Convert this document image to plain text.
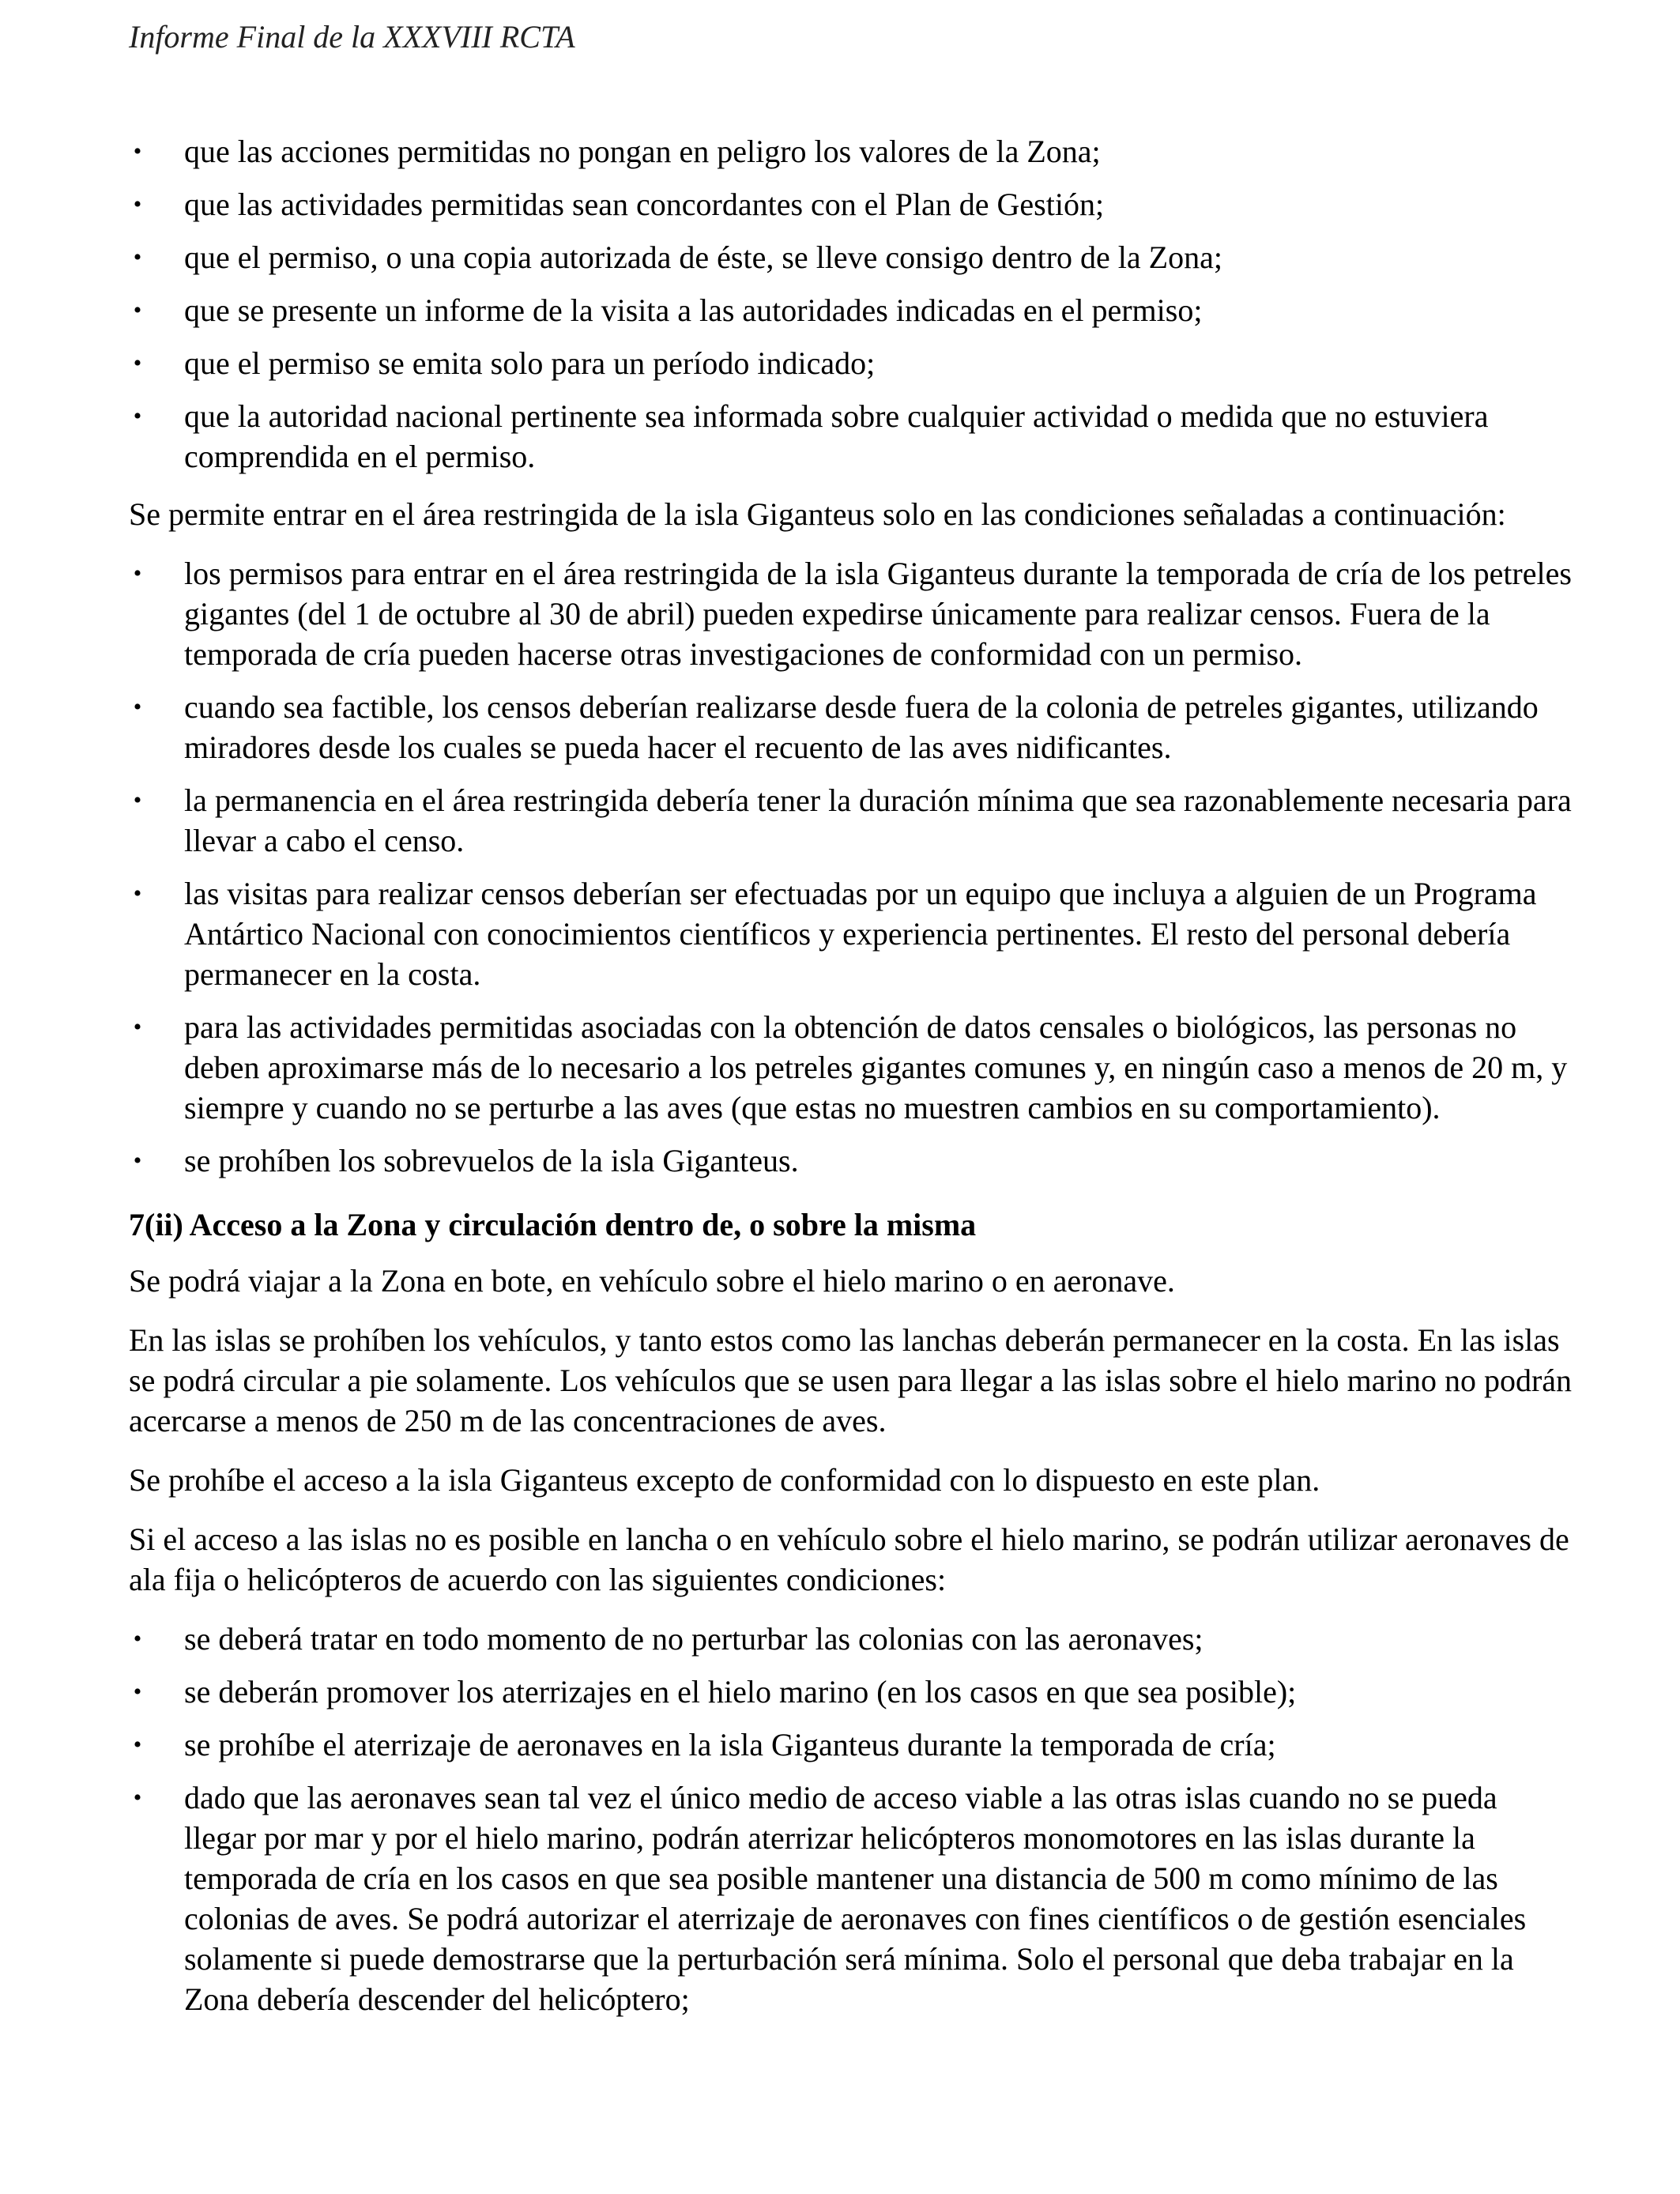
Informe Final de la XXXVIII RCTA
• que las acciones permitidas no pongan en peligro los valores de la Zona;
• que las actividades permitidas sean concordantes con el Plan de Gestión;
• que el permiso, o una copia autorizada de éste, se lleve consigo dentro de la Zona;
• que se presente un informe de la visita a las autoridades indicadas en el permiso;
• que el permiso se emita solo para un período indicado;
• que la autoridad nacional pertinente sea informada sobre cualquier actividad o medida que no estuviera comprendida en el permiso.

Se permite entrar en el área restringida de la isla Giganteus solo en las condiciones señaladas a continuación:

• los permisos para entrar en el área restringida de la isla Giganteus durante la temporada de cría de los petreles gigantes (del 1 de octubre al 30 de abril) pueden expedirse únicamente para realizar censos. Fuera de la temporada de cría pueden hacerse otras investigaciones de conformidad con un permiso.
• cuando sea factible, los censos deberían realizarse desde fuera de la colonia de petreles gigantes, utilizando miradores desde los cuales se pueda hacer el recuento de las aves nidificantes.
• la permanencia en el área restringida debería tener la duración mínima que sea razonablemente necesaria para llevar a cabo el censo.
• las visitas para realizar censos deberían ser efectuadas por un equipo que incluya a alguien de un Programa Antártico Nacional con conocimientos científicos y experiencia pertinentes. El resto del personal debería permanecer en la costa.
• para las actividades permitidas asociadas con la obtención de datos censales o biológicos, las personas no deben aproximarse más de lo necesario a los petreles gigantes comunes y, en ningún caso a menos de 20 m, y siempre y cuando no se perturbe a las aves (que estas no muestren cambios en su comportamiento).
• se prohíben los sobrevuelos de la isla Giganteus.
7(ii) Acceso a la Zona y circulación dentro de, o sobre la misma

Se podrá viajar a la Zona en bote, en vehículo sobre el hielo marino o en aeronave.

En las islas se prohíben los vehículos, y tanto estos como las lanchas deberán permanecer en la costa. En las islas se podrá circular a pie solamente. Los vehículos que se usen para llegar a las islas sobre el hielo marino no podrán acercarse a menos de 250 m de las concentraciones de aves.

Se prohíbe el acceso a la isla Giganteus excepto de conformidad con lo dispuesto en este plan.

Si el acceso a las islas no es posible en lancha o en vehículo sobre el hielo marino, se podrán utilizar aeronaves de ala fija o helicópteros de acuerdo con las siguientes condiciones:

• se deberá tratar en todo momento de no perturbar las colonias con las aeronaves;
• se deberán promover los aterrizajes en el hielo marino (en los casos en que sea posible);
• se prohíbe el aterrizaje de aeronaves en la isla Giganteus durante la temporada de cría;
• dado que las aeronaves sean tal vez el único medio de acceso viable a las otras islas cuando no se pueda llegar por mar y por el hielo marino, podrán aterrizar helicópteros monomotores en las islas durante la temporada de cría en los casos en que sea posible mantener una distancia de 500 m como mínimo de las colonias de aves. Se podrá autorizar el aterrizaje de aeronaves con fines científicos o de gestión esenciales solamente si puede demostrarse que la perturbación será mínima. Solo el personal que deba trabajar en la Zona debería descender del helicóptero;
